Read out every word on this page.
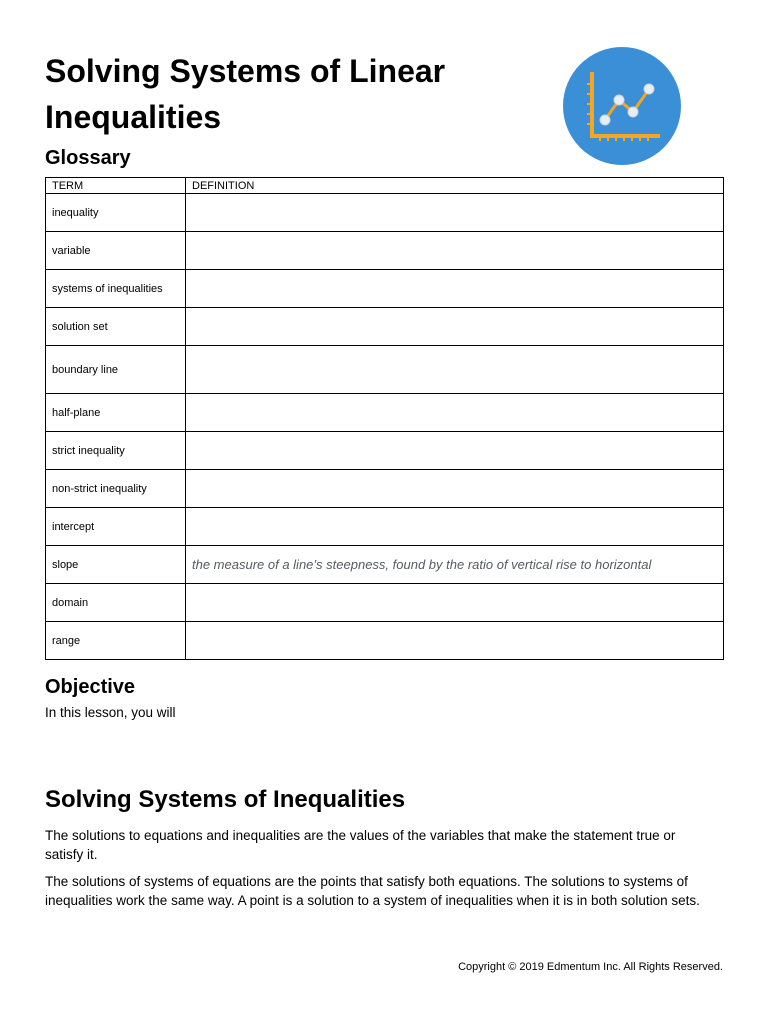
Solving Systems of Linear Inequalities
Glossary
TERM	DEFINITION
inequality	
variable	
systems of inequalities	
solution set	
boundary line	
half-plane	
strict inequality	
non-strict inequality	
intercept	
slope	the measure of a line’s steepness, found by the ratio of vertical rise to horizontal
domain	
range	
Objective

In this lesson, you will

Solving Systems of Inequalities

The solutions to equations and inequalities are the values of the variables that make the statement true or satisfy it.

The solutions of systems of equations are the points that satisfy both equations. The solutions to systems of inequalities work the same way. A point is a solution to a system of inequalities when it is in both solution sets.

Copyright © 2019 Edmentum Inc. All Rights Reserved.
